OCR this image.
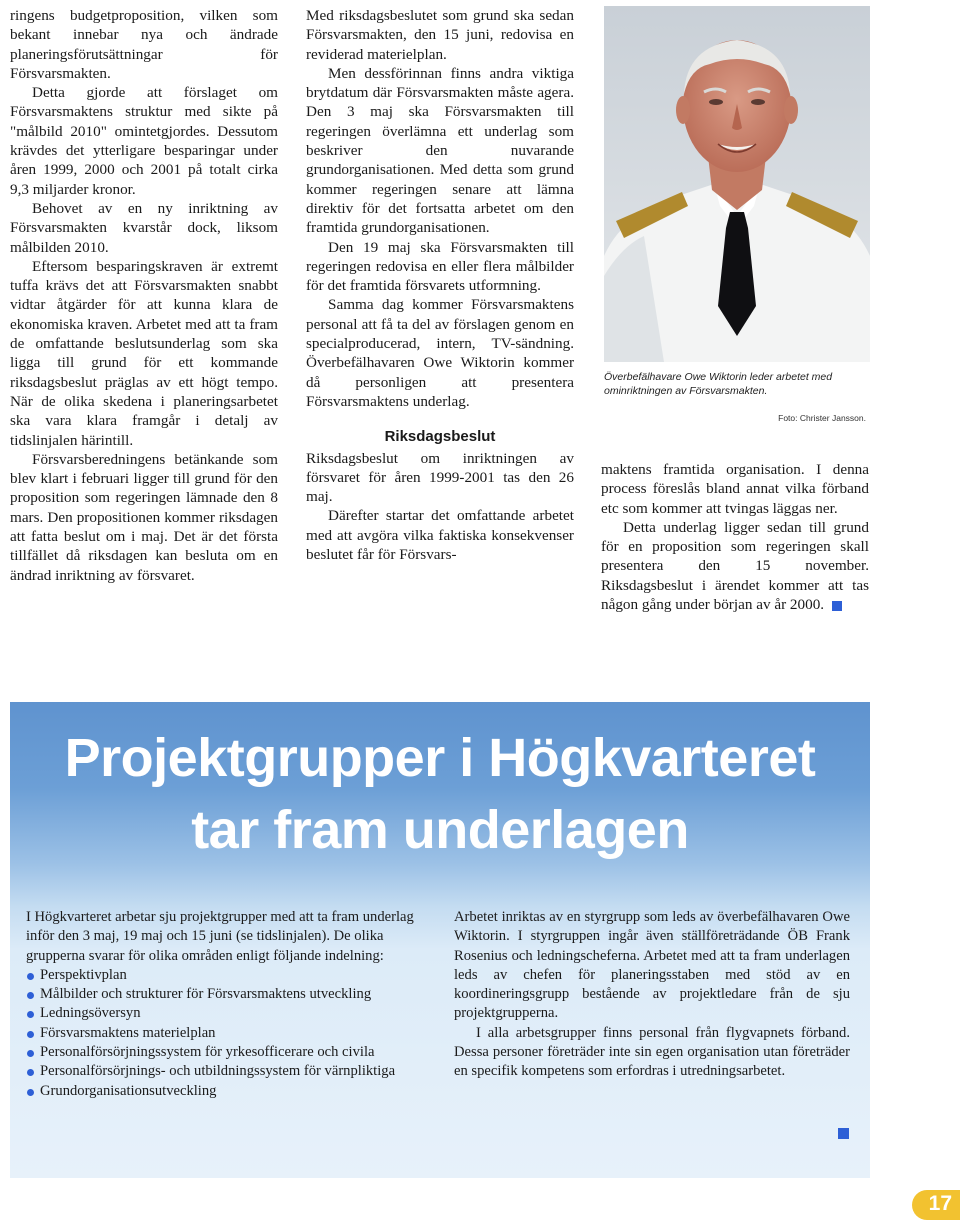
ringens budgetproposition, vilken som bekant innebar nya och ändrade planeringsförutsättningar för Försvarsmakten.

Detta gjorde att förslaget om Försvarsmaktens struktur med sikte på "målbild 2010" omintetgjordes. Dessutom krävdes det ytterligare besparingar under åren 1999, 2000 och 2001 på totalt cirka 9,3 miljarder kronor.

Behovet av en ny inriktning av Försvarsmakten kvarstår dock, liksom målbilden 2010.

Eftersom besparingskraven är extremt tuffa krävs det att Försvarsmakten snabbt vidtar åtgärder för att kunna klara de ekonomiska kraven. Arbetet med att ta fram de omfattande beslutsunderlag som ska ligga till grund för ett kommande riksdagsbeslut präglas av ett högt tempo. När de olika skedena i planeringsarbetet ska vara klara framgår i detalj av tidslinjalen härintill.

Försvarsberedningens betänkande som blev klart i februari ligger till grund för den proposition som regeringen lämnade den 8 mars. Den propositionen kommer riksdagen att fatta beslut om i maj. Det är det första tillfället då riksdagen kan besluta om en ändrad inriktning av försvaret.

Med riksdagsbeslutet som grund ska sedan Försvarsmakten, den 15 juni, redovisa en reviderad materielplan.

Men dessförinnan finns andra viktiga brytdatum där Försvarsmakten måste agera. Den 3 maj ska Försvarsmakten till regeringen överlämna ett underlag som beskriver den nuvarande grundorganisationen. Med detta som grund kommer regeringen senare att lämna direktiv för det fortsatta arbetet om den framtida grundorganisationen.

Den 19 maj ska Försvarsmakten till regeringen redovisa en eller flera målbilder för det framtida försvarets utformning.

Samma dag kommer Försvarsmaktens personal att få ta del av förslagen genom en specialproducerad, intern, TV-sändning. Överbefälhavaren Owe Wiktorin kommer då personligen att presentera Försvarsmaktens underlag.

Riksdagsbeslut

Riksdagsbeslut om inriktningen av försvaret för åren 1999-2001 tas den 26 maj.

Därefter startar det omfattande arbetet med att avgöra vilka faktiska konsekvenser beslutet får för Försvars-

Överbefälhavare Owe Wiktorin leder arbetet med ominriktningen av Försvarsmakten.
Foto: Christer Jansson.

maktens framtida organisation. I denna process föreslås bland annat vilka förband etc som kommer att tvingas läggas ner.

Detta underlag ligger sedan till grund för en proposition som regeringen skall presentera den 15 november. Riksdagsbeslut i ärendet kommer att tas någon gång under början av år 2000.

Projektgrupper i Högkvarteret
tar fram underlagen

I Högkvarteret arbetar sju projektgrupper med att ta fram underlag inför den 3 maj, 19 maj och 15 juni (se tidslinjalen). De olika grupperna svarar för olika områden enligt följande indelning:

Perspektivplan
Målbilder och strukturer för Försvarsmaktens utveckling
Ledningsöversyn
Försvarsmaktens materielplan
Personalförsörjningssystem för yrkesofficerare och civila
Personalförsörjnings- och utbildningssystem för värnpliktiga
Grundorganisationsutveckling

Arbetet inriktas av en styrgrupp som leds av överbefälhavaren Owe Wiktorin. I styrgruppen ingår även ställföreträdande ÖB Frank Rosenius och ledningscheferna. Arbetet med att ta fram underlagen leds av chefen för planeringsstaben med stöd av en koordineringsgrupp bestående av projektledare från de sju projektgrupperna.

I alla arbetsgrupper finns personal från flygvapnets förband. Dessa personer företräder inte sin egen organisation utan företräder en specifik kompetens som erfordras i utredningsarbetet.

17
